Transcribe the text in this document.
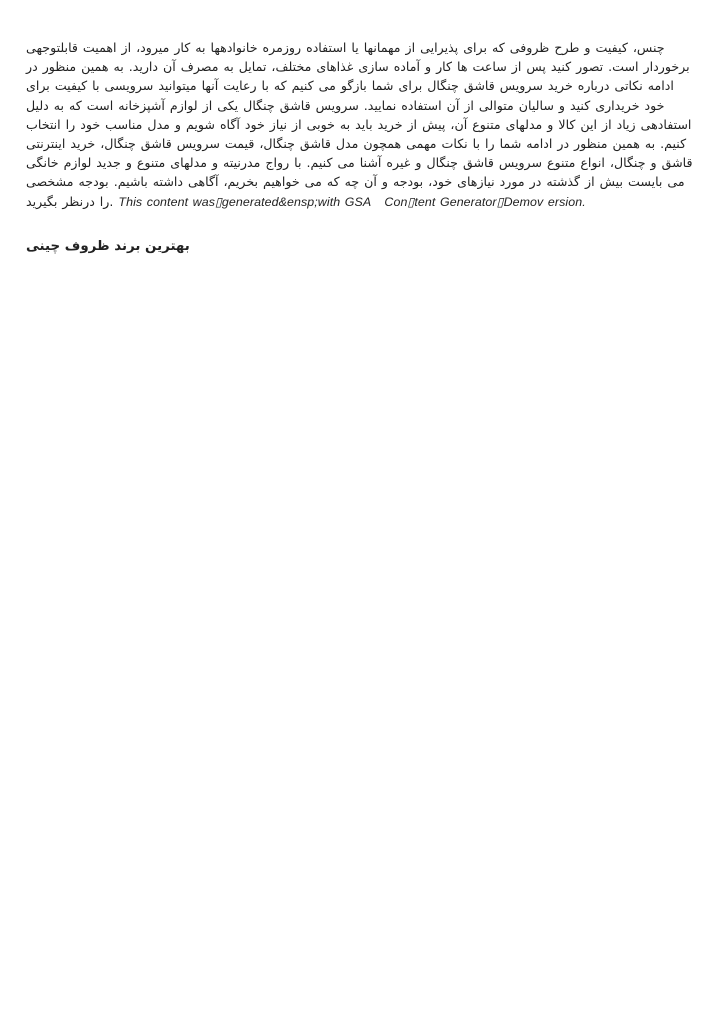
چنس، کیفیت و طرح ظروفی که برای پذیرایی از مهمانها یا استفاده روزمره خانوادهها به کار میرود، از اهمیت قابلتوجهی برخوردار است. تصور کنید پس از ساعت ها کار و آماده سازی غذاهای مختلف، تمایل به مصرف آن دارید. به همین منظور در ادامه نکاتی درباره خرید سرویس قاشق چنگال برای شما بازگو می کنیم که با رعایت آنها میتوانید سرویسی با کیفیت برای خود خریداری کنید و سالیان متوالی از آن استفاده نمایید. سرویس قاشق چنگال یکی از لوازم آشپزخانه است که به دلیل استفادهی زیاد از این کالا و مدلهای متنوع آن، پیش از خرید باید به خوبی از نیاز خود آگاه شویم و مدل مناسب خود را انتخاب کنیم. به همین منظور در ادامه شما را با نکات مهمی همچون مدل قاشق چنگال، قیمت سرویس قاشق چنگال، خرید اینترنتی قاشق و چنگال، انواع متنوع سرویس قاشق چنگال و غیره آشنا می کنیم. با رواج مدرنیته و مدلهای متنوع و جدید لوازم خانگی می بایست بیش از گذشته در مورد نیازهای خود، بودجه و آن چه که می خواهیم بخریم، آگاهی داشته باشیم. بودجه مشخصی را درنظر بگیرید. This content was▯generated&ensp;with GSA   Con▯tent Generator▯Demov ersion.

بهترین برند ظروف چینی
